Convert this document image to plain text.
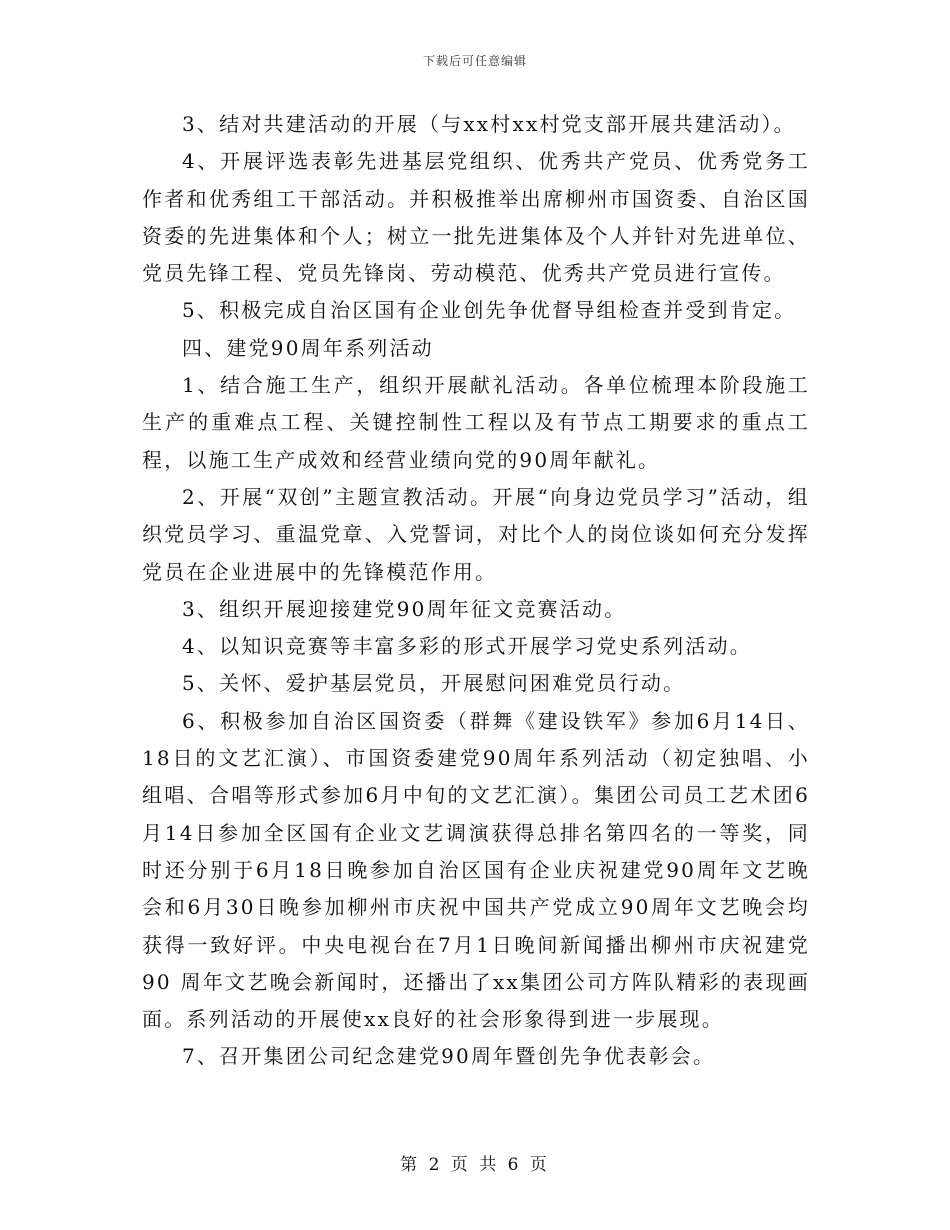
下载后可任意编辑

3、结对共建活动的开展（与xx村xx村党支部开展共建活动）。

4、开展评选表彰先进基层党组织、优秀共产党员、优秀党务工作者和优秀组工干部活动。并积极推举出席柳州市国资委、自治区国资委的先进集体和个人；树立一批先进集体及个人并针对先进单位、党员先锋工程、党员先锋岗、劳动模范、优秀共产党员进行宣传。

5、积极完成自治区国有企业创先争优督导组检查并受到肯定。

四、建党90周年系列活动

1、结合施工生产，组织开展献礼活动。各单位梳理本阶段施工生产的重难点工程、关键控制性工程以及有节点工期要求的重点工程，以施工生产成效和经营业绩向党的90周年献礼。

2、开展“双创”主题宣教活动。开展“向身边党员学习”活动，组织党员学习、重温党章、入党誓词，对比个人的岗位谈如何充分发挥党员在企业进展中的先锋模范作用。

3、组织开展迎接建党90周年征文竞赛活动。

4、以知识竞赛等丰富多彩的形式开展学习党史系列活动。

5、关怀、爱护基层党员，开展慰问困难党员行动。

6、积极参加自治区国资委（群舞《建设铁军》参加6月14日、18日的文艺汇演）、市国资委建党90周年系列活动（初定独唱、小组唱、合唱等形式参加6月中旬的文艺汇演）。集团公司员工艺术团6月14日参加全区国有企业文艺调演获得总排名第四名的一等奖，同时还分别于6月18日晚参加自治区国有企业庆祝建党90周年文艺晚会和6月30日晚参加柳州市庆祝中国共产党成立90周年文艺晚会均获得一致好评。中央电视台在7月1日晚间新闻播出柳州市庆祝建党90 周年文艺晚会新闻时，还播出了xx集团公司方阵队精彩的表现画面。系列活动的开展使xx良好的社会形象得到进一步展现。

7、召开集团公司纪念建党90周年暨创先争优表彰会。

第 2 页 共 6 页
